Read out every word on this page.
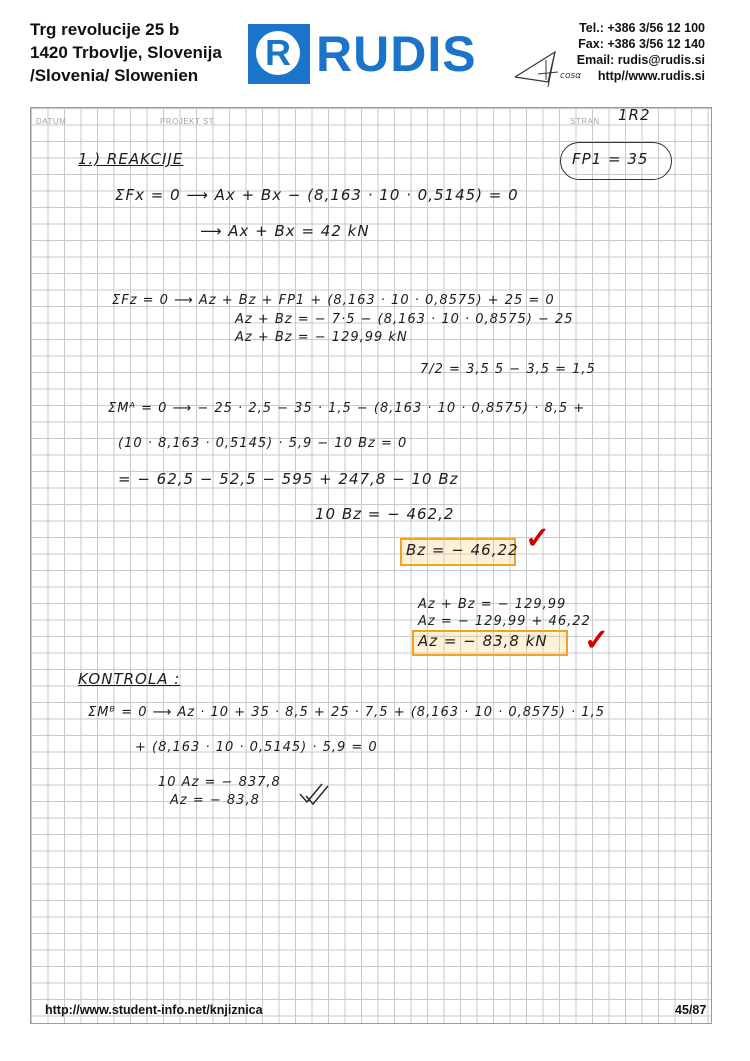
Trg revolucije 25 b
1420 Trbovlje, Slovenija
/Slovenia/ Slowenien
R RUDIS	Tel.: +386 3/56 12 100
Fax: +386 3/56 12 140
Email: rudis@rudis.si
http//www.rudis.si
cosα
DATUM	PROJEKT ST.	STRAN 1R2
1.) REAKCIJE	FP1 = 35
ΣFx = 0 ⟶ Ax + Bx − (8,163 · 10 · 0,5145) = 0
⟶ Ax + Bx = 42 kN
ΣFz = 0 ⟶ Az + Bz + FP1 + (8,163 · 10 · 0,8575) + 25 = 0
Az + Bz = − 7·5 − (8,163 · 10 · 0,8575) − 25
Az + Bz = − 129,99 kN
7/2 = 3,5 5 − 3,5 = 1,5
ΣMᴬ = 0 ⟶ − 25 · 2,5 − 35 · 1,5 − (8,163 · 10 · 0,8575) · 8,5 +
(10 · 8,163 · 0,5145) · 5,9 − 10 Bz = 0
= − 62,5 − 52,5 − 595 + 247,8 − 10 Bz
10 Bz = − 462,2
Bz = − 46,22 ✓
Az + Bz = − 129,99
Az = − 129,99 + 46,22
Az = − 83,8 kN ✓
KONTROLA :
ΣMᴮ = 0 ⟶ Az · 10 + 35 · 8,5 + 25 · 7,5 + (8,163 · 10 · 0,8575) · 1,5
+ (8,163 · 10 · 0,5145) · 5,9 = 0
10 Az = − 837,8
Az = − 83,8
http://www.student-info.net/knjiznica	45/87
